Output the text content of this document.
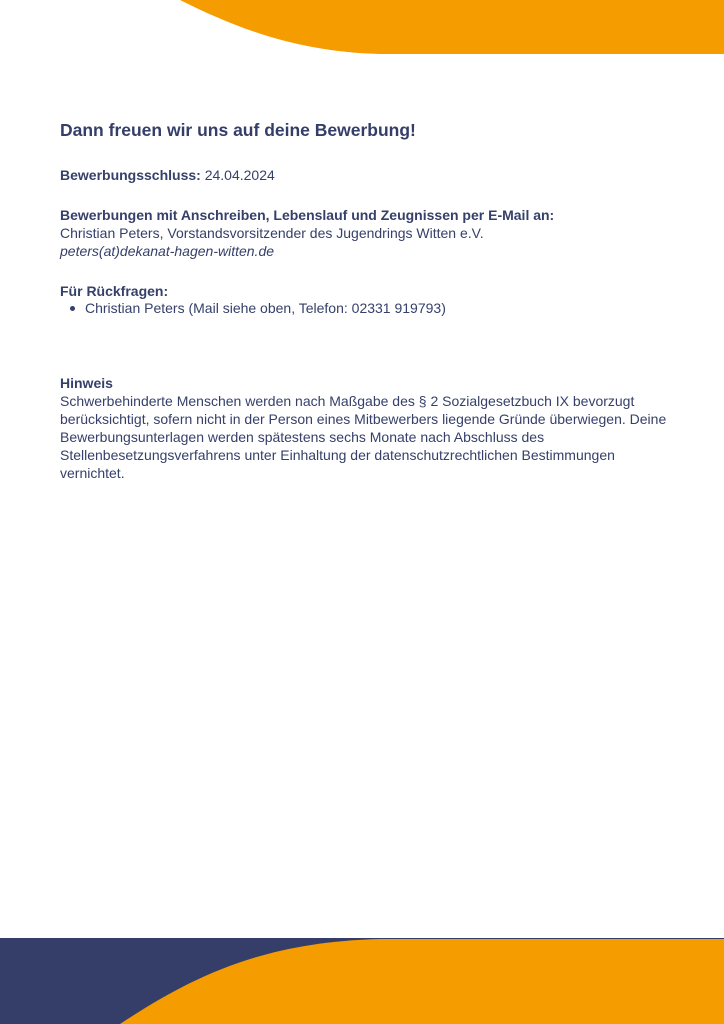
Dann freuen wir uns auf deine Bewerbung!
Bewerbungsschluss: 24.04.2024
Bewerbungen mit Anschreiben, Lebenslauf und Zeugnissen per E-Mail an:
Christian Peters, Vorstandsvorsitzender des Jugendrings Witten e.V.
peters(at)dekanat-hagen-witten.de
Für Rückfragen:
Christian Peters (Mail siehe oben, Telefon: 02331 919793)
Hinweis

Schwerbehinderte Menschen werden nach Maßgabe des § 2 Sozialgesetzbuch IX bevorzugt berücksichtigt, sofern nicht in der Person eines Mitbewerbers liegende Gründe überwiegen. Deine Bewerbungsunterlagen werden spätestens sechs Monate nach Abschluss des Stellenbesetzungsverfahrens unter Einhaltung der datenschutzrechtlichen Bestimmungen vernichtet.
